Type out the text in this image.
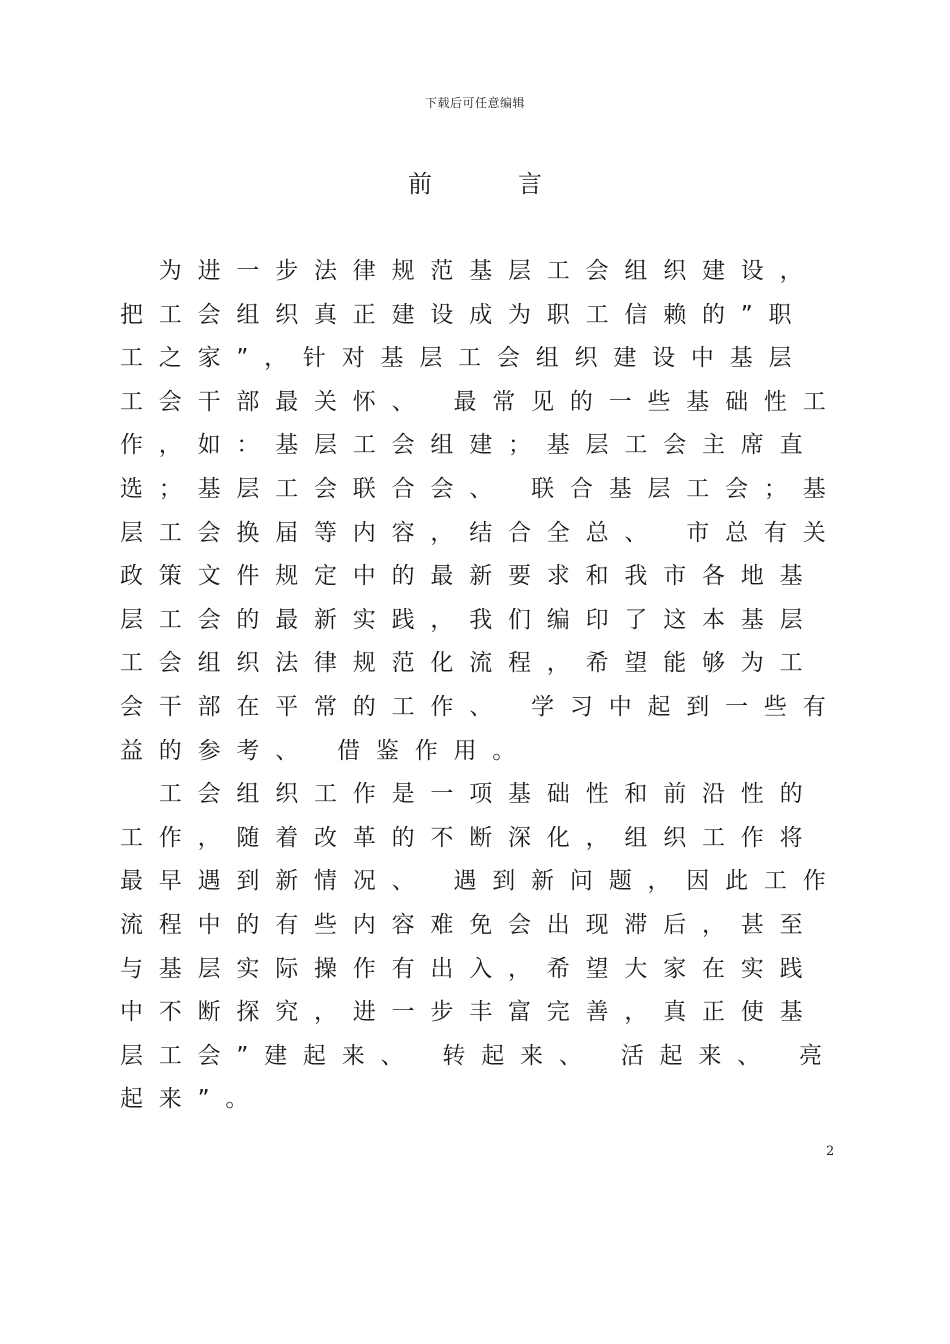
下载后可任意编辑
前言
　为进一步法律规范基层工会组织建设，
把工会组织真正建设成为职工信赖的”职
工之家”，针对基层工会组织建设中基层
工会干部最关怀、 最常见的一些基础性工
作，如：基层工会组建；基层工会主席直
选；基层工会联合会、 联合基层工会；基
层工会换届等内容，结合全总、 市总有关
政策文件规定中的最新要求和我市各地基
层工会的最新实践，我们编印了这本基层
工会组织法律规范化流程，希望能够为工
会干部在平常的工作、 学习中起到一些有
益的参考、 借鉴作用。
　工会组织工作是一项基础性和前沿性的
工作，随着改革的不断深化，组织工作将
最早遇到新情况、 遇到新问题，因此工作
流程中的有些内容难免会出现滞后，甚至
与基层实际操作有出入，希望大家在实践
中不断探究，进一步丰富完善，真正使基
层工会”建起来、 转起来、 活起来、 亮
起来”。
2
